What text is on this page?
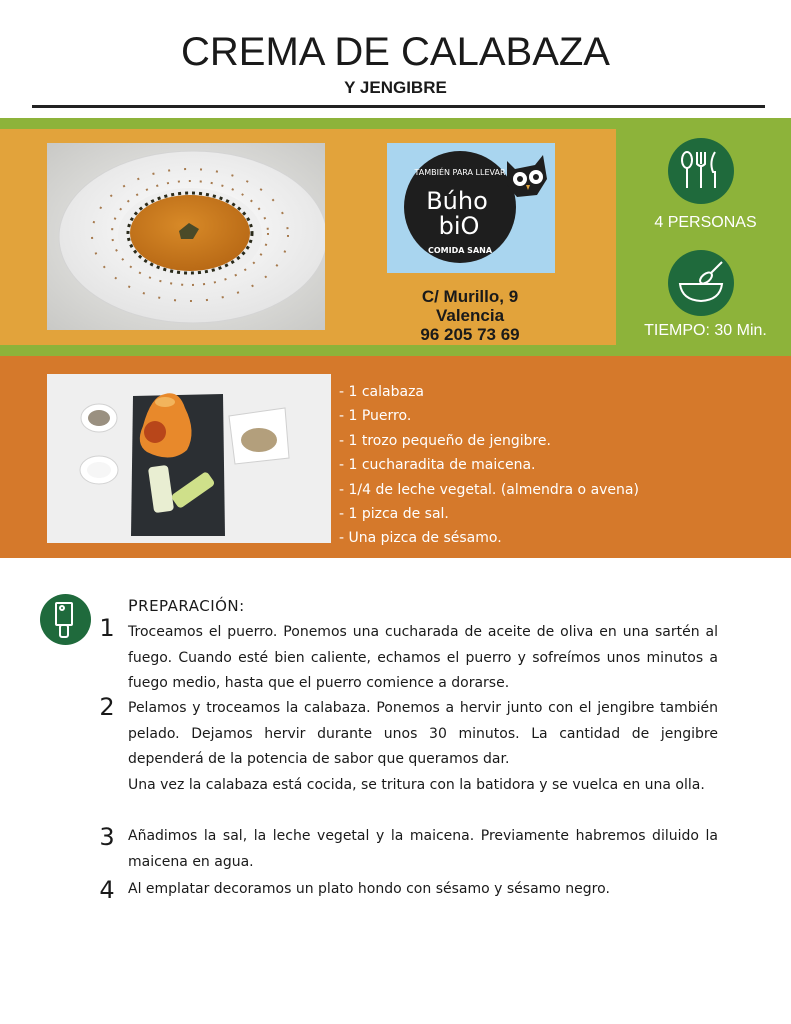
CREMA DE CALABAZA
Y JENGIBRE
TAMBIÉN PARA LLEVAR
Búho
biO
COMIDA SANA
C/ Murillo, 9
Valencia
96 205 73 69
4 PERSONAS
TIEMPO: 30 Min.
- 1 calabaza
- 1 Puerro.
- 1 trozo pequeño de jengibre.
- 1 cucharadita de maicena.
- 1/4 de leche vegetal. (almendra o avena)
- 1 pizca de sal.
- Una pizca de sésamo.
PREPARACIÓN:
1 Troceamos el puerro. Ponemos una cucharada de aceite de oliva en una sartén al fuego. Cuando esté bien caliente, echamos el puerro y sofreímos unos minutos a fuego medio, hasta que el puerro comience a dorarse.
2 Pelamos y troceamos la calabaza. Ponemos a hervir junto con el jengibre también pelado. Dejamos hervir durante unos 30 minutos. La cantidad de jengibre dependerá de la potencia de sabor que queramos dar.
Una vez la calabaza está cocida, se tritura con la batidora y se vuelca en una olla.
3 Añadimos la sal, la leche vegetal y la maicena. Previamente habremos diluido la maicena en agua.
4 Al emplatar decoramos un plato hondo con sésamo y sésamo negro.
